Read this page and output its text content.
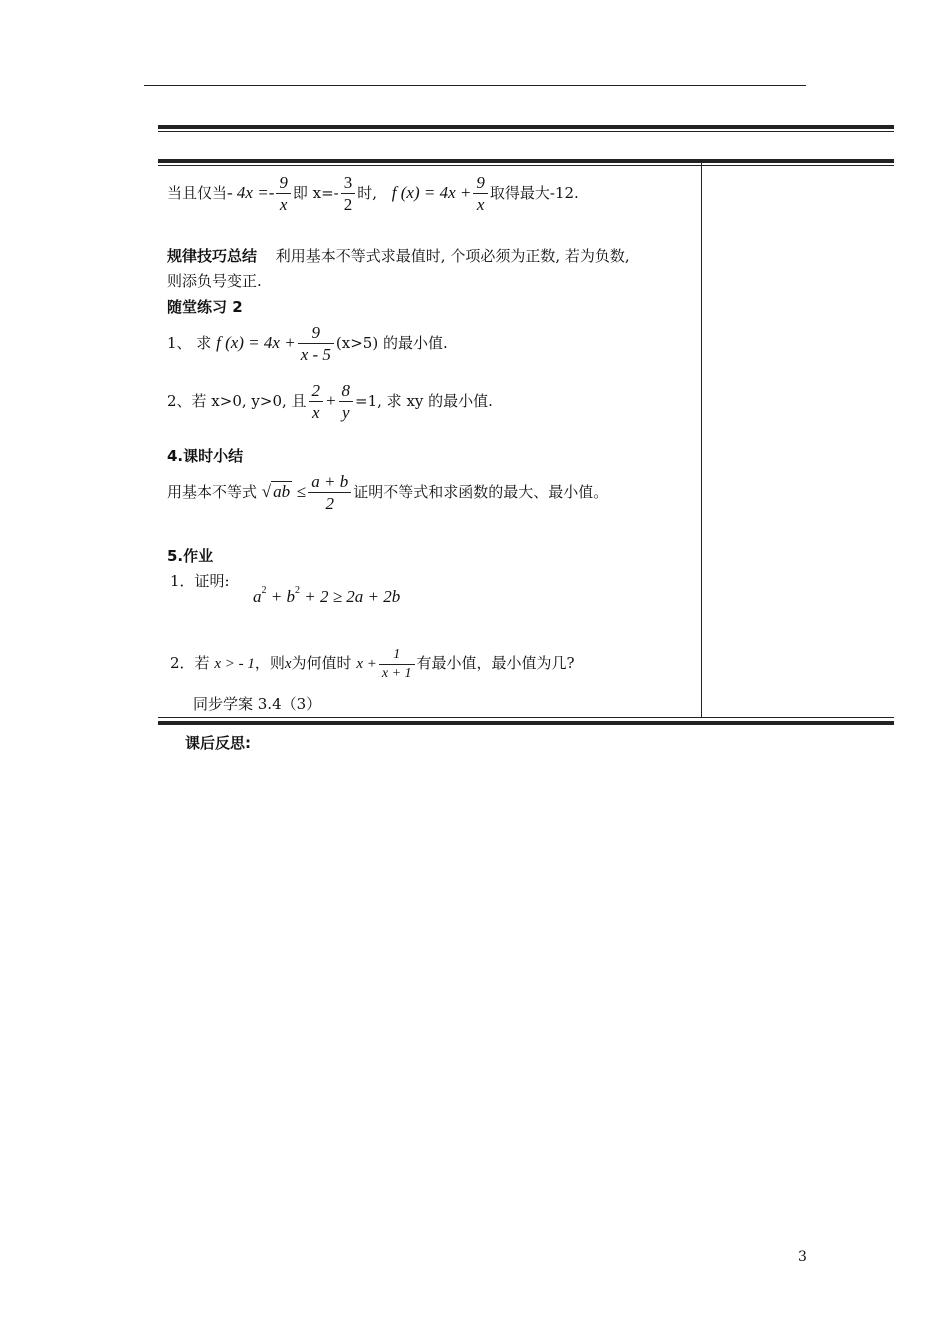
当且仅当- $4x =- \frac{9}{x}$ 即 $x=- \frac{3}{2}$ 时, f $(x) = 4x + \frac{9}{x}$ 取得最大-12.
规律技巧总结 利用基本不等式求最值时, 个项必须为正数, 若为负数,
则添负号变正.
随堂练习 2
1、 求 f $(x) = 4x + \frac{9}{x - 5} (x>5)$ 的最小值.
2、若 x>0, y>0, 且 $\frac{2}{x} + \frac{8}{y} =1$, 求 xy 的最小值.
4.课时小结
用基本不等式 √ ab ≤ $\frac{a + b}{2}$ 证明不等式和求函数的最大、最小值。
5.作业
1．证明:
$a^2 + b^2 + 2 \ge 2a + 2b$
2．若 x > - 1，则x为何值时 $x + \frac{1}{x + 1}$ 有最小值，最小值为几?
同步学案 3.4（3）
课后反思:
3
